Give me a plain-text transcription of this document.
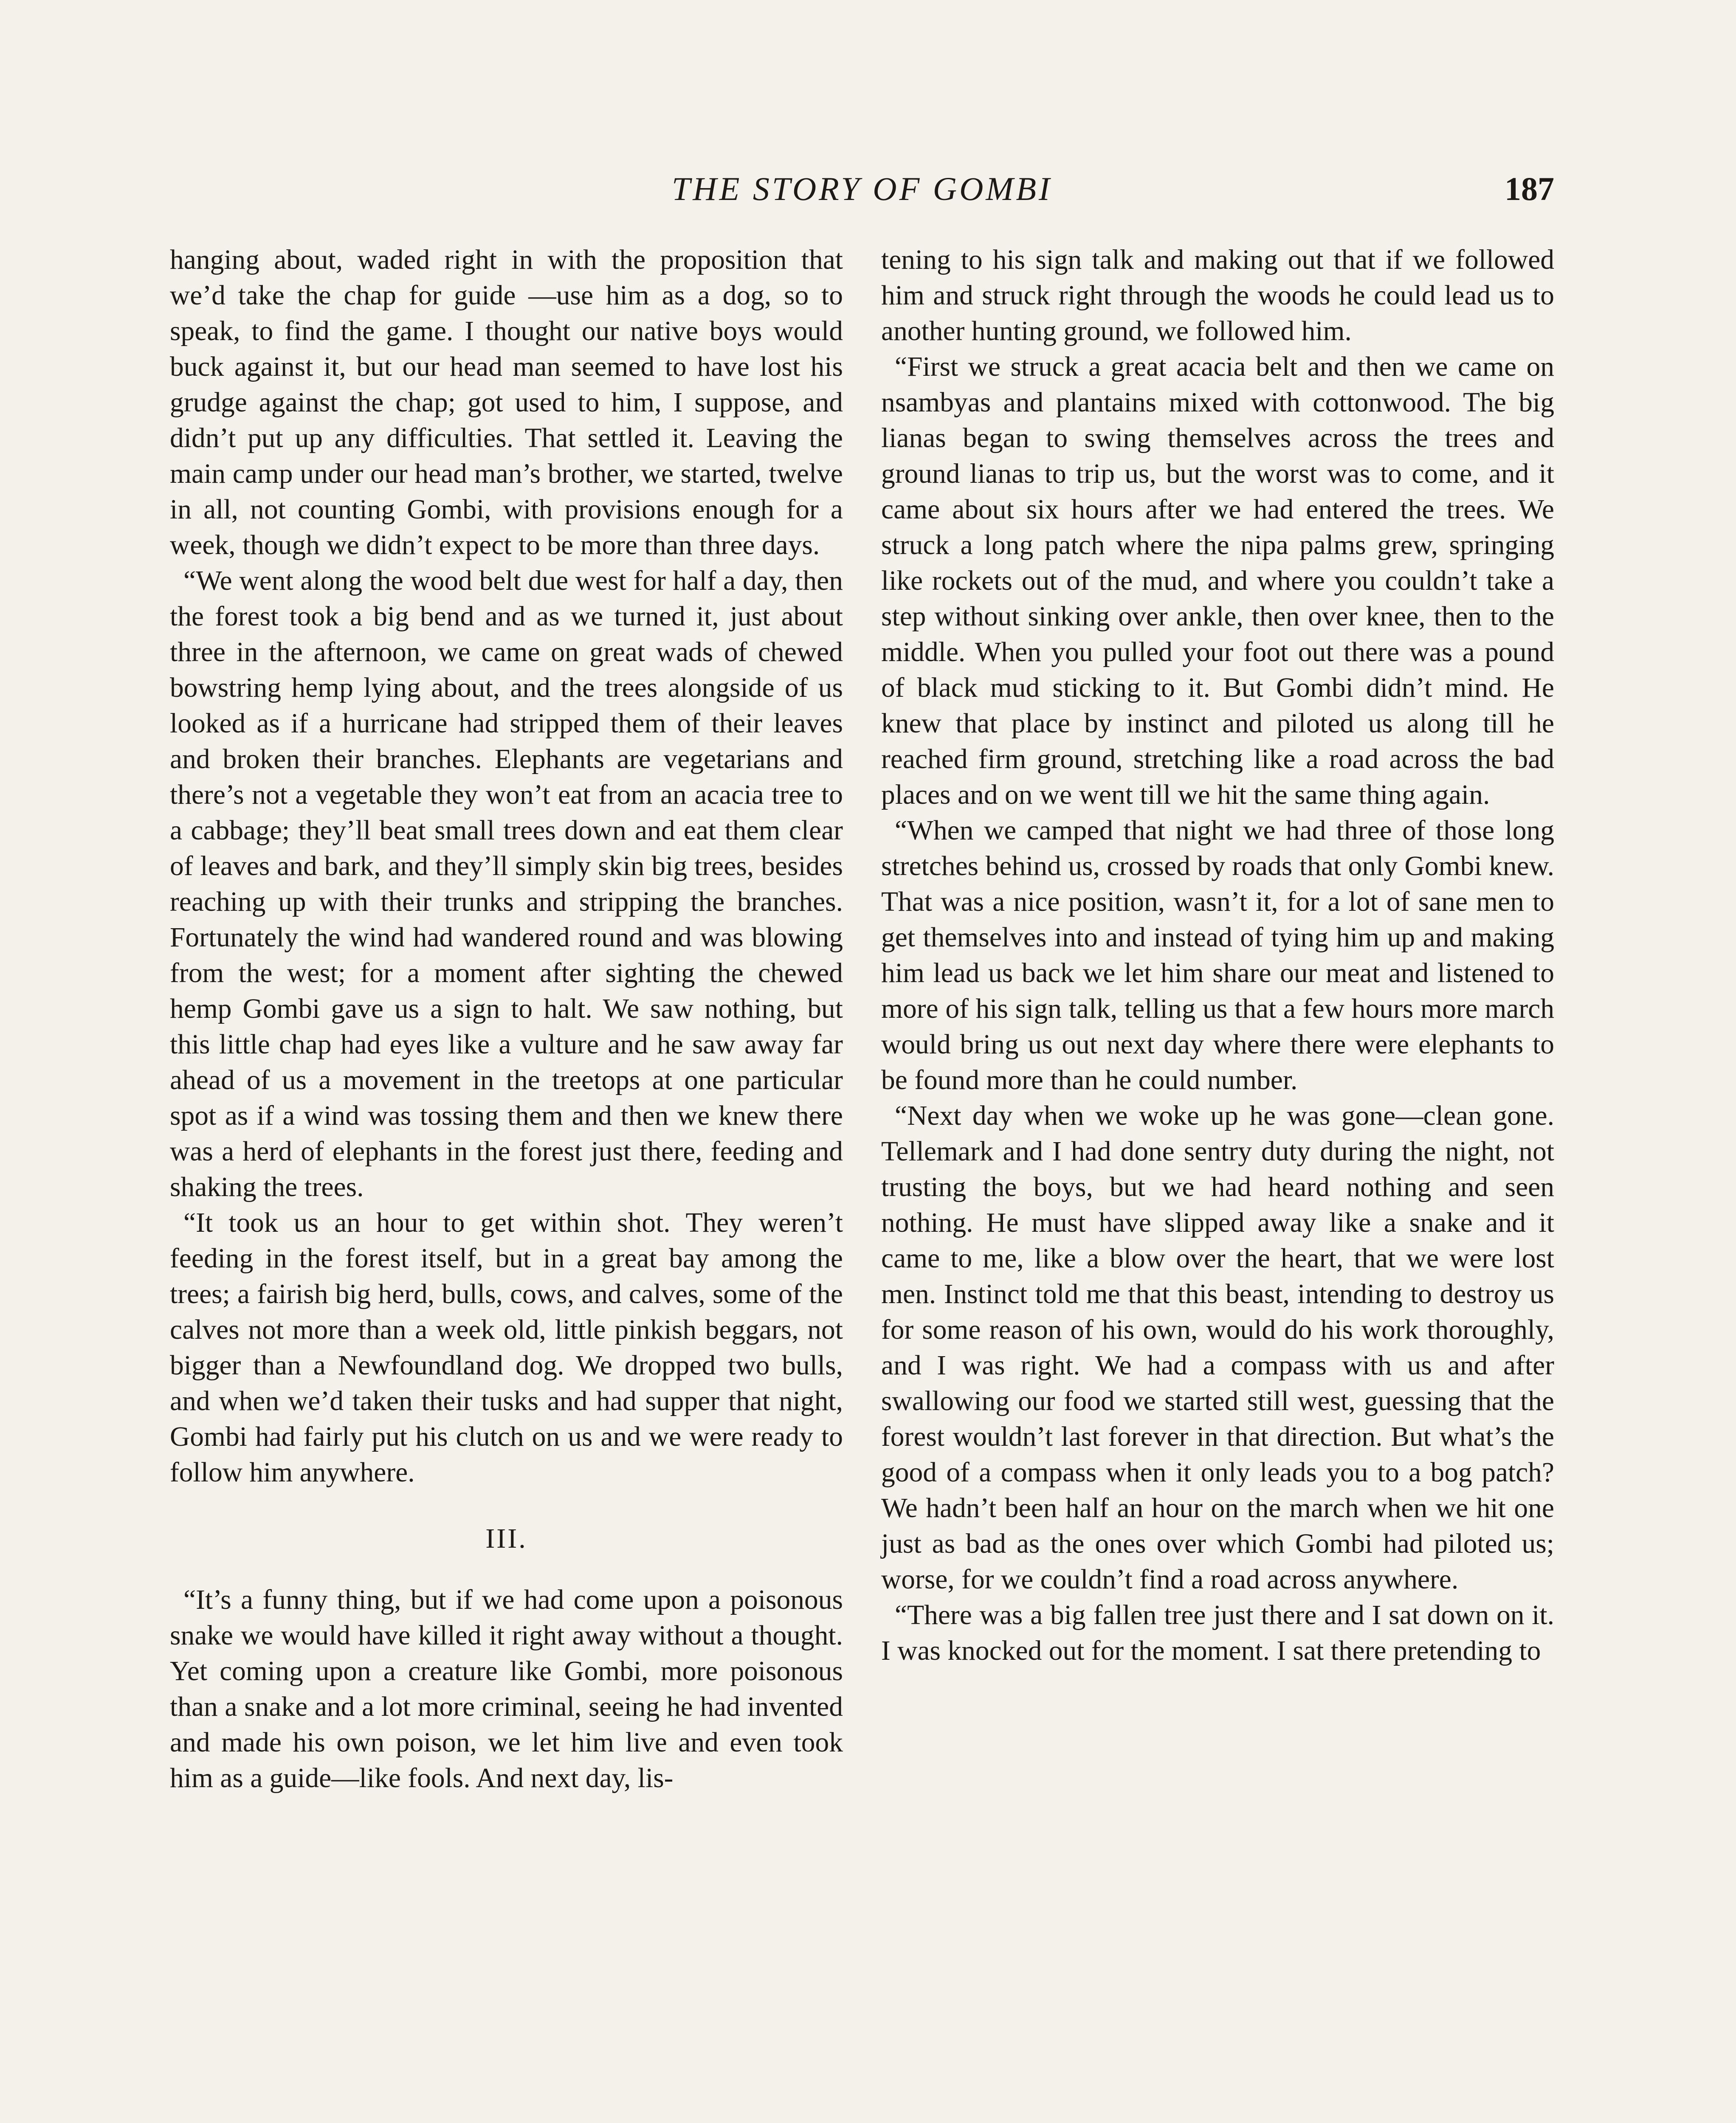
THE STORY OF GOMBI	187

hanging about, waded right in with the proposition that we’d take the chap for guide —use him as a dog, so to speak, to find the game. I thought our native boys would buck against it, but our head man seemed to have lost his grudge against the chap; got used to him, I suppose, and didn’t put up any difficulties. That settled it. Leaving the main camp under our head man’s brother, we started, twelve in all, not counting Gombi, with provisions enough for a week, though we didn’t expect to be more than three days.

“We went along the wood belt due west for half a day, then the forest took a big bend and as we turned it, just about three in the afternoon, we came on great wads of chewed bowstring hemp lying about, and the trees alongside of us looked as if a hurricane had stripped them of their leaves and broken their branches. Elephants are vegetarians and there’s not a vegetable they won’t eat from an acacia tree to a cabbage; they’ll beat small trees down and eat them clear of leaves and bark, and they’ll simply skin big trees, besides reaching up with their trunks and stripping the branches. Fortunately the wind had wandered round and was blowing from the west; for a moment after sighting the chewed hemp Gombi gave us a sign to halt. We saw nothing, but this little chap had eyes like a vulture and he saw away far ahead of us a movement in the treetops at one particular spot as if a wind was tossing them and then we knew there was a herd of elephants in the forest just there, feeding and shaking the trees.

“It took us an hour to get within shot. They weren’t feeding in the forest itself, but in a great bay among the trees; a fairish big herd, bulls, cows, and calves, some of the calves not more than a week old, little pinkish beggars, not bigger than a Newfoundland dog. We dropped two bulls, and when we’d taken their tusks and had supper that night, Gombi had fairly put his clutch on us and we were ready to follow him anywhere.

III.

“It’s a funny thing, but if we had come upon a poisonous snake we would have killed it right away without a thought. Yet coming upon a creature like Gombi, more poisonous than a snake and a lot more criminal, seeing he had invented and made his own poison, we let him live and even took him as a guide—like fools. And next day, lis-

tening to his sign talk and making out that if we followed him and struck right through the woods he could lead us to another hunting ground, we followed him.

“First we struck a great acacia belt and then we came on nsambyas and plantains mixed with cottonwood. The big lianas began to swing themselves across the trees and ground lianas to trip us, but the worst was to come, and it came about six hours after we had entered the trees. We struck a long patch where the nipa palms grew, springing like rockets out of the mud, and where you couldn’t take a step without sinking over ankle, then over knee, then to the middle. When you pulled your foot out there was a pound of black mud sticking to it. But Gombi didn’t mind. He knew that place by instinct and piloted us along till he reached firm ground, stretching like a road across the bad places and on we went till we hit the same thing again.

“When we camped that night we had three of those long stretches behind us, crossed by roads that only Gombi knew. That was a nice position, wasn’t it, for a lot of sane men to get themselves into and instead of tying him up and making him lead us back we let him share our meat and listened to more of his sign talk, telling us that a few hours more march would bring us out next day where there were elephants to be found more than he could number.

“Next day when we woke up he was gone—clean gone. Tellemark and I had done sentry duty during the night, not trusting the boys, but we had heard nothing and seen nothing. He must have slipped away like a snake and it came to me, like a blow over the heart, that we were lost men. Instinct told me that this beast, intending to destroy us for some reason of his own, would do his work thoroughly, and I was right. We had a compass with us and after swallowing our food we started still west, guessing that the forest wouldn’t last forever in that direction. But what’s the good of a compass when it only leads you to a bog patch? We hadn’t been half an hour on the march when we hit one just as bad as the ones over which Gombi had piloted us; worse, for we couldn’t find a road across anywhere.

“There was a big fallen tree just there and I sat down on it. I was knocked out for the moment. I sat there pretending to
